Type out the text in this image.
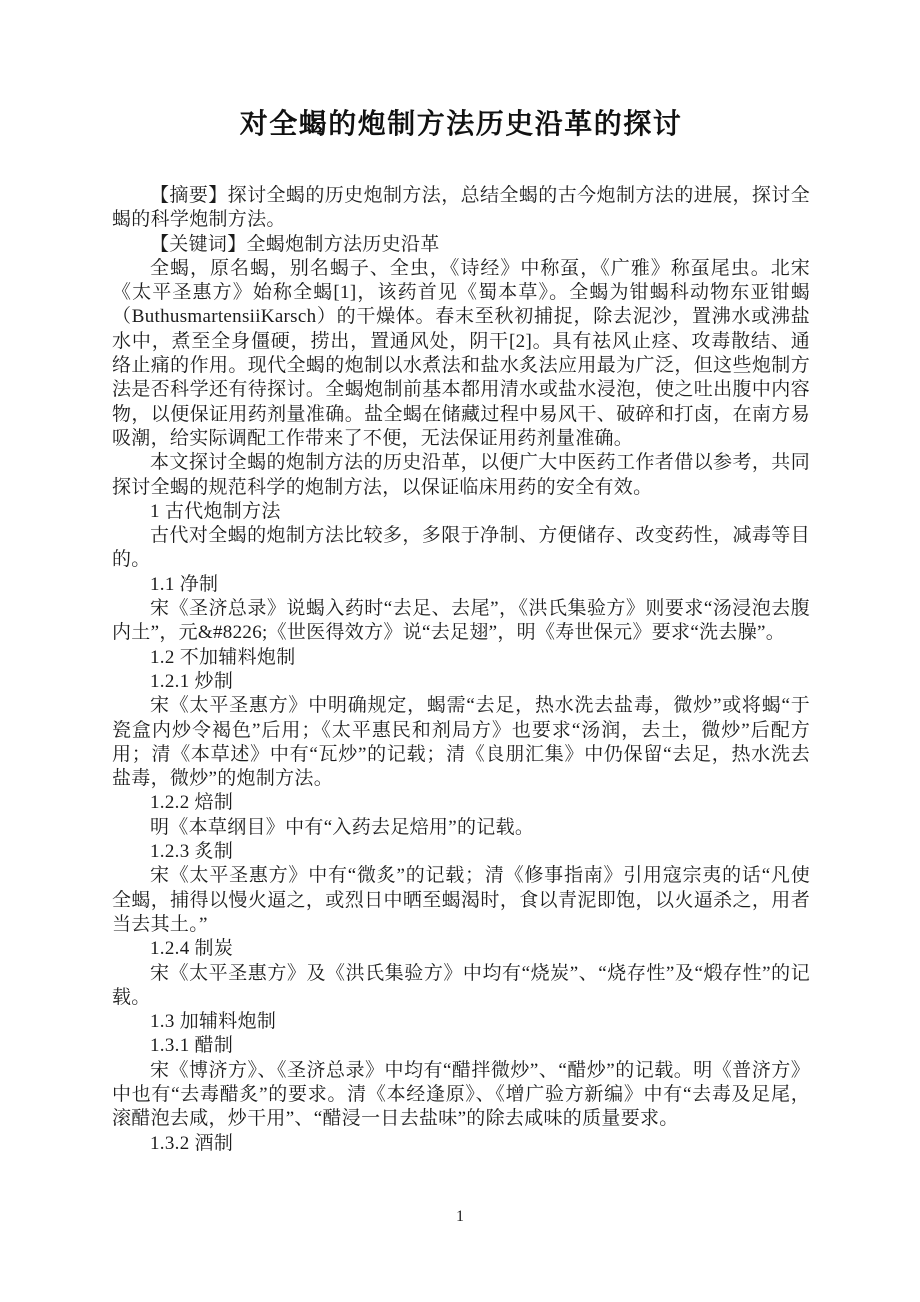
对全蝎的炮制方法历史沿革的探讨

【摘要】探讨全蝎的历史炮制方法，总结全蝎的古今炮制方法的进展，探讨全蝎的科学炮制方法。

【关键词】全蝎炮制方法历史沿革

全蝎，原名蝎，别名蝎子、全虫，《诗经》中称虿，《广雅》称虿尾虫。北宋《太平圣惠方》始称全蝎[1]，该药首见《蜀本草》。全蝎为钳蝎科动物东亚钳蝎（ButhusmartensiiKarsch）的干燥体。春末至秋初捕捉，除去泥沙，置沸水或沸盐水中，煮至全身僵硬，捞出，置通风处，阴干[2]。具有祛风止痉、攻毒散结、通络止痛的作用。现代全蝎的炮制以水煮法和盐水炙法应用最为广泛，但这些炮制方法是否科学还有待探讨。全蝎炮制前基本都用清水或盐水浸泡，使之吐出腹中内容物，以便保证用药剂量准确。盐全蝎在储藏过程中易风干、破碎和打卤，在南方易吸潮，给实际调配工作带来了不便，无法保证用药剂量准确。

本文探讨全蝎的炮制方法的历史沿革，以便广大中医药工作者借以参考，共同探讨全蝎的规范科学的炮制方法，以保证临床用药的安全有效。

1 古代炮制方法

古代对全蝎的炮制方法比较多，多限于净制、方便储存、改变药性，减毒等目的。

1.1 净制

宋《圣济总录》说蝎入药时“去足、去尾”，《洪氏集验方》则要求“汤浸泡去腹内土”，元&#8226;《世医得效方》说“去足翅”，明《寿世保元》要求“洗去臊”。

1.2 不加辅料炮制

1.2.1 炒制

宋《太平圣惠方》中明确规定，蝎需“去足，热水洗去盐毒，微炒”或将蝎“于瓷盒内炒令褐色”后用；《太平惠民和剂局方》也要求“汤润，去土，微炒”后配方用；清《本草述》中有“瓦炒”的记载；清《良朋汇集》中仍保留“去足，热水洗去盐毒，微炒”的炮制方法。

1.2.2 焙制

明《本草纲目》中有“入药去足焙用”的记载。

1.2.3 炙制

宋《太平圣惠方》中有“微炙”的记载；清《修事指南》引用寇宗夷的话“凡使全蝎，捕得以慢火逼之，或烈日中晒至蝎渴时，食以青泥即饱，以火逼杀之，用者当去其土。”

1.2.4 制炭

宋《太平圣惠方》及《洪氏集验方》中均有“烧炭”、“烧存性”及“煅存性”的记载。

1.3 加辅料炮制

1.3.1 醋制

宋《博济方》、《圣济总录》中均有“醋拌微炒”、“醋炒”的记载。明《普济方》中也有“去毒醋炙”的要求。清《本经逢原》、《增广验方新编》中有“去毒及足尾，滚醋泡去咸，炒干用”、“醋浸一日去盐味”的除去咸味的质量要求。

1.3.2 酒制

1
